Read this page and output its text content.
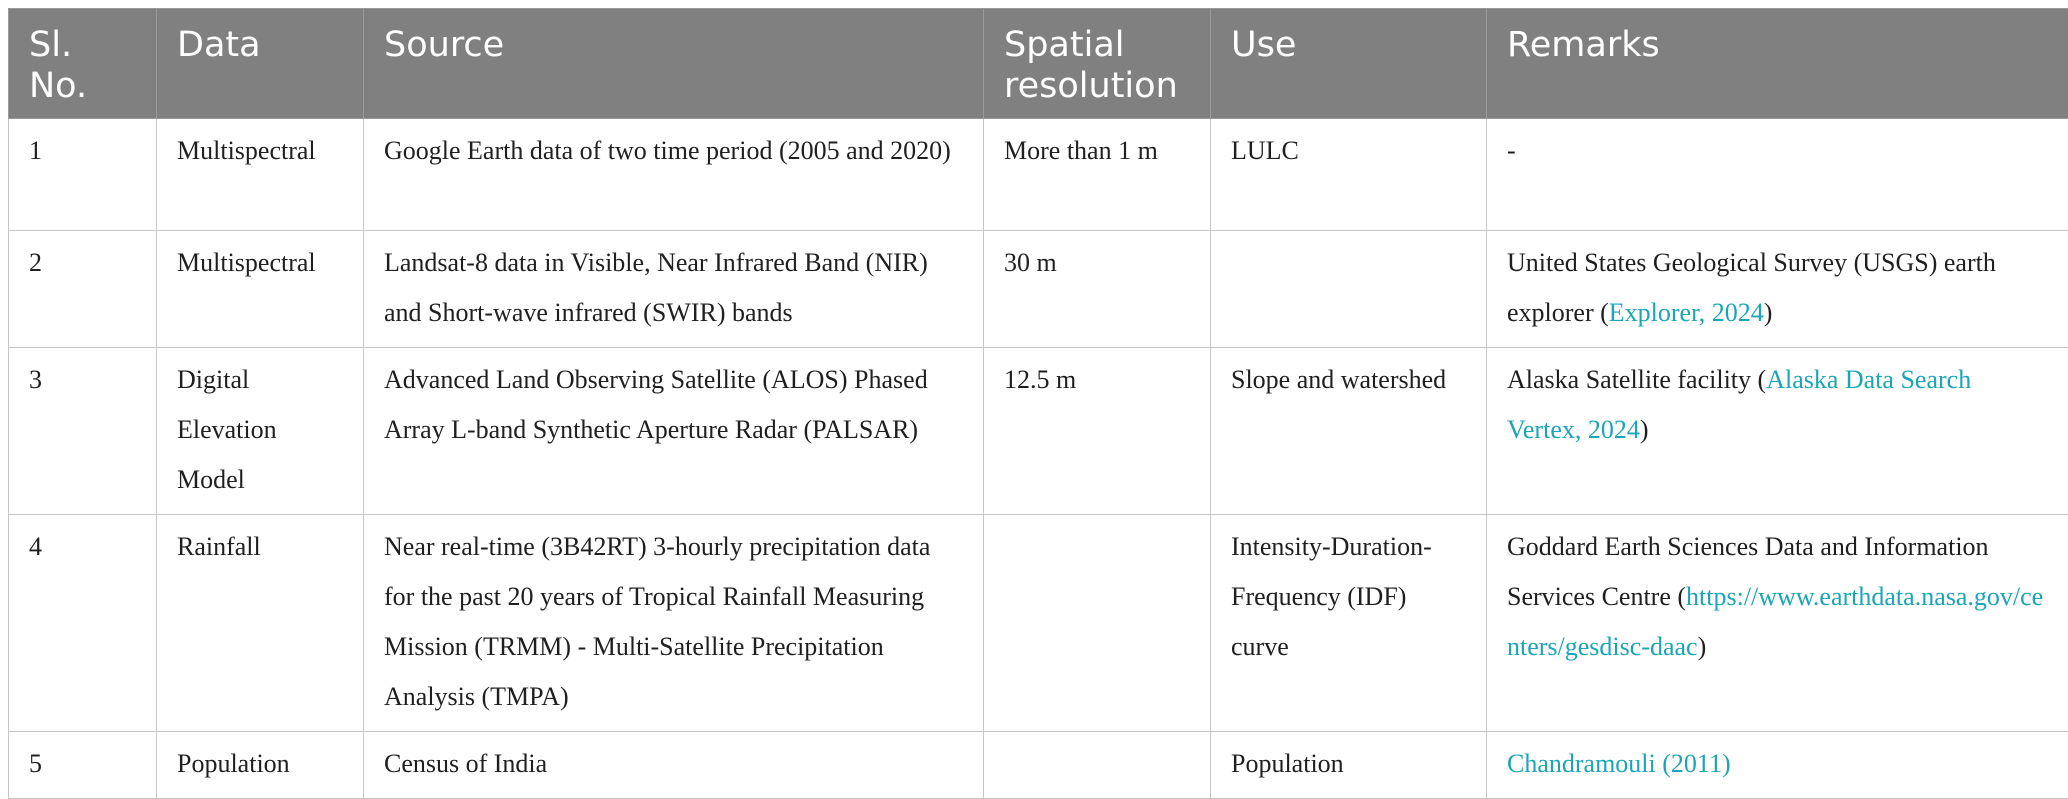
Sl. No.	Data	Source	Spatial resolution	Use	Remarks
1	Multispectral	Google Earth data of two time period (2005 and 2020)	More than 1 m	LULC	-
2	Multispectral	Landsat-8 data in Visible, Near Infrared Band (NIR) and Short-wave infrared (SWIR) bands	30 m		United States Geological Survey (USGS) earth explorer (Explorer, 2024)
3	Digital Elevation Model	Advanced Land Observing Satellite (ALOS) Phased Array L-band Synthetic Aperture Radar (PALSAR)	12.5 m	Slope and watershed	Alaska Satellite facility (Alaska Data Search Vertex, 2024)
4	Rainfall	Near real-time (3B42RT) 3-hourly precipitation data for the past 20 years of Tropical Rainfall Measuring Mission (TRMM) - Multi-Satellite Precipitation Analysis (TMPA)		Intensity-Duration-Frequency (IDF) curve	Goddard Earth Sciences Data and Information Services Centre (https://www.earthdata.nasa.gov/centers/gesdisc-daac)
5	Population	Census of India		Population	Chandramouli (2011)
